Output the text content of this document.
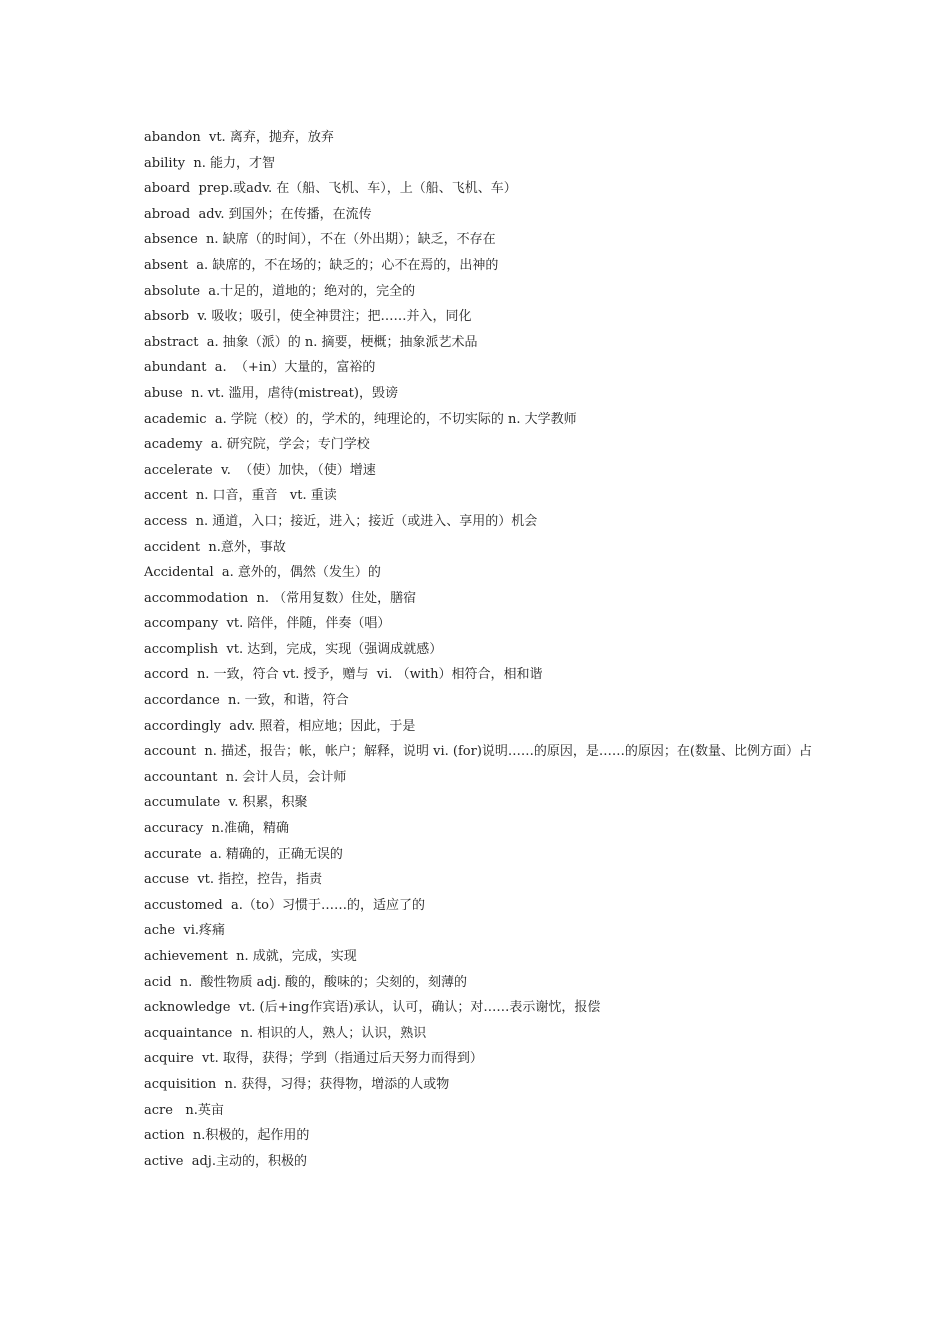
abandon  vt. 离弃，抛弃，放弃
ability  n. 能力，才智
aboard  prep.或adv. 在（船、飞机、车），上（船、飞机、车）
abroad  adv. 到国外；在传播，在流传
absence  n. 缺席（的时间），不在（外出期）；缺乏，不存在
absent  a. 缺席的，不在场的；缺乏的；心不在焉的，出神的
absolute  a.十足的，道地的；绝对的，完全的
absorb  v. 吸收；吸引，使全神贯注；把……并入，同化
abstract  a. 抽象（派）的 n. 摘要，梗概；抽象派艺术品
abundant  a.  （+in）大量的，富裕的
abuse  n. vt. 滥用，虐待(mistreat)，毁谤
academic  a. 学院（校）的，学术的，纯理论的，不切实际的 n. 大学教师
academy  a. 研究院，学会；专门学校
accelerate  v.  （使）加快，（使）增速
accent  n. 口音，重音   vt. 重读
access  n. 通道，入口；接近，进入；接近（或进入、享用的）机会
accident  n.意外，事故
Accidental  a. 意外的，偶然（发生）的
accommodation  n. （常用复数）住处，膳宿
accompany  vt. 陪伴，伴随，伴奏（唱）
accomplish  vt. 达到，完成，实现（强调成就感）
accord  n. 一致，符合 vt. 授予，赠与  vi. （with）相符合，相和谐
accordance  n. 一致，和谐，符合
accordingly  adv. 照着，相应地；因此，于是
account  n. 描述，报告；帐，帐户；解释，说明 vi. (for)说明……的原因，是……的原因；在(数量、比例方面）占
accountant  n. 会计人员，会计师
accumulate  v. 积累，积聚
accuracy  n.准确，精确
accurate  a. 精确的，正确无误的
accuse  vt. 指控，控告，指责
accustomed  a.（to）习惯于……的，适应了的
ache  vi.疼痛
achievement  n. 成就，完成，实现
acid  n.  酸性物质 adj. 酸的，酸味的；尖刻的，刻薄的
acknowledge  vt. (后+ing作宾语)承认，认可，确认；对……表示谢忱，报偿
acquaintance  n. 相识的人，熟人；认识，熟识
acquire  vt. 取得，获得；学到（指通过后天努力而得到）
acquisition  n. 获得，习得；获得物，增添的人或物
acre   n.英亩
action  n.积极的，起作用的
active  adj.主动的，积极的
